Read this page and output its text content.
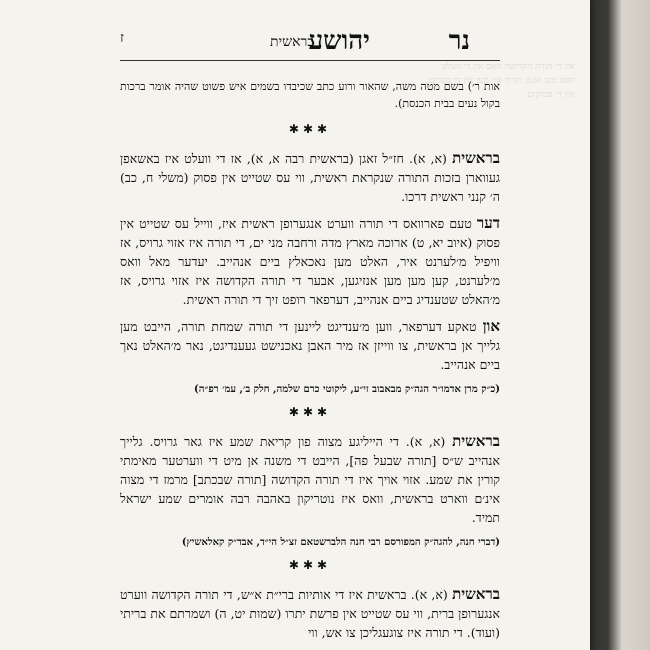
אין די תורה הקדושה וואס אין די וועלט וואס מען זאגט תורה איז מען אין די ספרים אין די פסוקים
ז	בראשית
יהושע	נר
אות ר׳) בשם מטה משה, שהאור ורוע כתב שכיבדו בשמים איש פשוט שהיה אומר ברכות בקול נעים בבית הכנסת).
✱✱✱
בראשית (א, א). חז״ל זאגן (בראשית רבה א, א), אז די וועלט איז באשאפן געווארן בזכות התורה שנקראת ראשית, ווי עס שטייט אין פסוק (משלי ח, כב) ה׳ קנני ראשית דרכו.
דער טעם פארוואס די תורה ווערט אנגערופן ראשית איז, ווייל עס שטייט אין פסוק (איוב יא, ט) ארוכה מארץ מדה ורחבה מני ים, די תורה איז אזוי גרויס, אז וויפיל מ׳לערנט איר, האלט מען נאכאלץ ביים אנהייב. יעדער מאל וואס מ׳לערנט, קען מען מען אנזיגען, אבער די תורה הקדושה איז אזוי גרויס, אז מ׳האלט שטענדיג ביים אנהייב, דערפאר רופט זיך די תורה ראשית.
און טאקע דערפאר, ווען מ׳ענדיגט ליינען די תורה שמחת תורה, הייבט מען גלייך אן בראשית, צו ווייזן אז מיר האבן נאכנישט געענדיגט, נאר מ׳האלט נאך ביים אנהייב.
(כ״ק מרן אדמו״ר הגה״ק מבאבוב זי״ע, ליקוטי כרם שלמה, חלק ב׳, עמ׳ רפ״ה)
✱✱✱
בראשית (א, א). די הייליגע מצוה פון קריאת שמע איז גאר גרויס. גלייך אנהייב ש״ס [תורה שבעל פה], הייבט די משנה אן מיט די ווערטער מאימתי קורין את שמע. אזוי אויך איז די תורה הקדושה [תורה שבכתב] מרמז די מצוה אינ׳ם ווארט בראשית, וואס איז נוטריקון באהבה רבה אומרים שמע ישראל תמיד.
(דברי חנה, להגה״ק המפורסם רבי חנה הלברשטאם זצ״ל הי״ד, אבד״ק קאלאשיץ)
✱✱✱
בראשית (א, א). בראשית איז די אותיות ברי״ת א״ש, די תורה הקדושה ווערט אנגערופן ברית, ווי עס שטייט אין פרשת יתרו (שמות יט, ה) ושמרתם את בריתי (ועוד). די תורה איז צוגעגליכן צו אש, ווי
